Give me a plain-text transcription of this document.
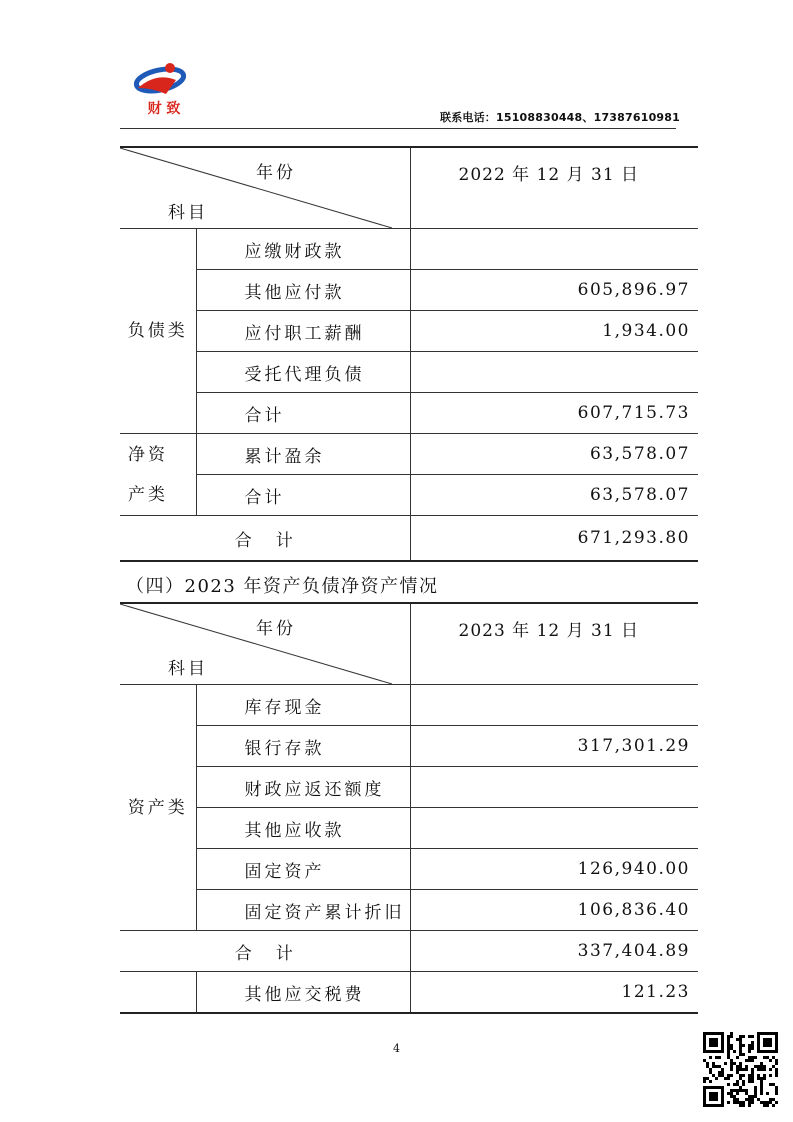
财 致
联系电话：15108830448、17387610981
年份
科目		2022 年 12 月 31 日
负债类	应缴财政款	
	其他应付款	605,896.97
	应付职工薪酬	1,934.00
	受托代理负债	
	合计	607,715.73
净资产类	累计盈余	63,578.07
	合计	63,578.07
合 计		671,293.80
（四）2023 年资产负债净资产情况
年份
科目		2023 年 12 月 31 日
资产类	库存现金	
	银行存款	317,301.29
	财政应返还额度	
	其他应收款	
	固定资产	126,940.00
	固定资产累计折旧	106,836.40
合 计		337,404.89
	其他应交税费	121.23
4
